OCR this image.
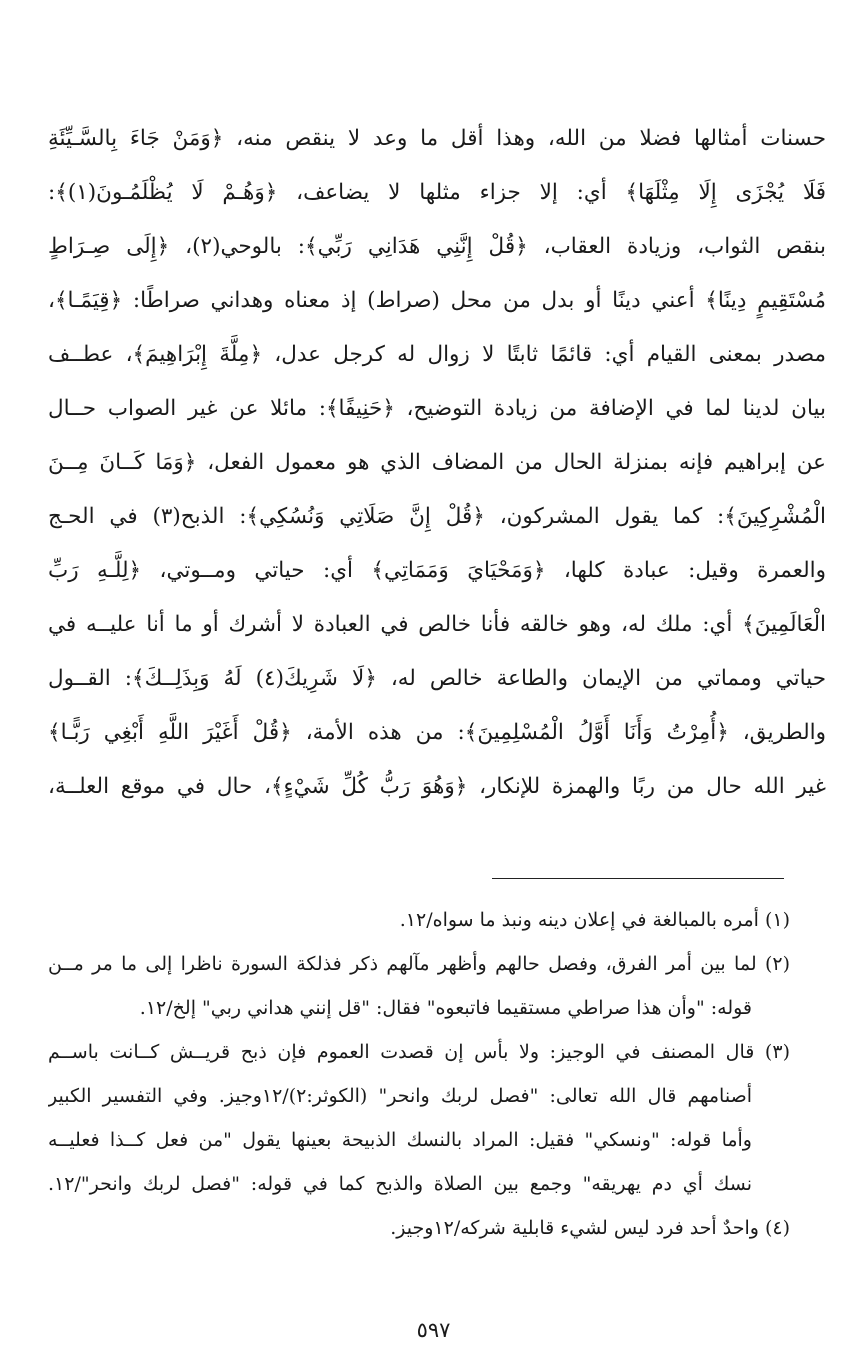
حسنات أمثالها فضلا من الله، وهذا أقل ما وعد لا ينقص منه، ﴿وَمَنْ جَاءَ بِالسَّـيِّئَةِ
فَلَا يُجْزَى إِلَا مِثْلَهَا﴾ أي: إلا جزاء مثلها لا يضاعف، ﴿وَهُـمْ لَا يُظْلَمُـونَ(١)﴾:
بنقص الثواب، وزيادة العقاب، ﴿قُلْ إِنَّنِي هَدَانِي رَبِّي﴾: بالوحي(٢)، ﴿إِلَى صِـرَاطٍ
مُسْتَقِيمٍ دِينًا﴾ أعني دينًا أو بدل من محل (صراط) إذ معناه وهداني صراطًا: ﴿قِيَمًـا﴾،
مصدر بمعنى القيام أي: قائمًا ثابتًا لا زوال له كرجل عدل، ﴿مِلَّةَ إِبْرَاهِيمَ﴾، عطــف
بيان لدينا لما في الإضافة من زيادة التوضيح، ﴿حَنِيفًا﴾: مائلا عن غير الصواب حــال
عن إبراهيم فإنه بمنزلة الحال من المضاف الذي هو معمول الفعل، ﴿وَمَا كَــانَ مِــنَ
الْمُشْرِكِينَ﴾: كما يقول المشركون، ﴿قُلْ إِنَّ صَلَاتِي وَنُسُكِي﴾: الذبح(٣) في الحـج
والعمرة وقيل: عبادة كلها، ﴿وَمَحْيَايَ وَمَمَاتِي﴾ أي: حياتي ومــوتي، ﴿لِلَّـهِ رَبِّ
الْعَالَمِينَ﴾ أي: ملك له، وهو خالقه فأنا خالص في العبادة لا أشرك أو ما أنا عليــه في
حياتي ومماتي من الإيمان والطاعة خالص له، ﴿لَا شَرِيكَ(٤) لَهُ وَبِذَلِــكَ﴾: القــول
والطريق، ﴿أُمِرْتُ وَأَنَا أَوَّلُ الْمُسْلِمِينَ﴾: من هذه الأمة، ﴿قُلْ أَغَيْرَ اللَّهِ أَبْغِي رَبًّـا﴾
غير الله حال من ربًا والهمزة للإنكار، ﴿وَهُوَ رَبُّ كُلِّ شَيْءٍ﴾، حال في موقع العلــة،
(١) أمره بالمبالغة في إعلان دينه ونبذ ما سواه/١٢.
(٢) لما بين أمر الفرق، وفصل حالهم وأظهر مآلهم ذكر فذلكة السورة ناظرا إلى ما مر مــن
قوله: "وأن هذا صراطي مستقيما فاتبعوه" فقال: "قل إنني هداني ربي" إلخ/١٢.
(٣) قال المصنف في الوجيز: ولا بأس إن قصدت العموم فإن ذبح قريــش كــانت باســم
أصنامهم قال الله تعالى: "فصل لربك وانحر" (الكوثر:٢)/١٢وجيز. وفي التفسير الكبير
وأما قوله: "ونسكي" فقيل: المراد بالنسك الذبيحة بعينها يقول "من فعل كــذا فعليــه
نسك أي دم يهريقه" وجمع بين الصلاة والذبح كما في قوله: "فصل لربك وانحر"/١٢.
(٤) واحدٌ أحد فرد ليس لشيء قابلية شركه/١٢وجيز.
٥٩٧
